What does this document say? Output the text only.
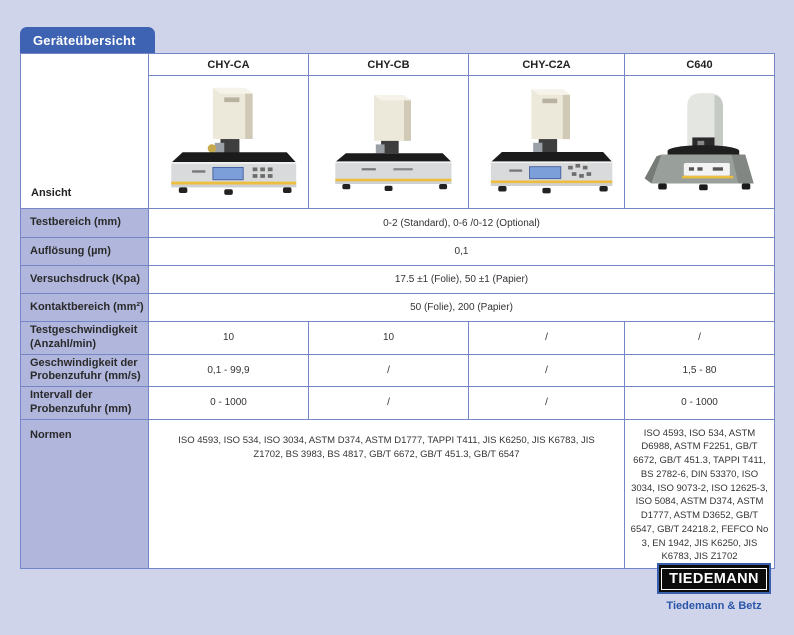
Geräteübersicht
Ansicht	CHY-CA	CHY-CB	CHY-C2A	C640

Testbereich (mm)	0-2 (Standard), 0-6 /0-12 (Optional)			
Auflösung (µm)	0,1			
Versuchsdruck (Kpa)	17.5 ±1 (Folie), 50 ±1 (Papier)			
Kontaktbereich (mm²)	50 (Folie), 200 (Papier)			
Testgeschwindigkeit (Anzahl/min)	10	10	/	/
Geschwindigkeit der Probenzufuhr (mm/s)	0,1 - 99,9	/	/	1,5 - 80
Intervall der Probenzufuhr (mm)	0 - 1000	/	/	0 - 1000
Normen	ISO 4593, ISO 534, ISO 3034, ASTM D374, ASTM D1777, TAPPI T411, JIS K6250, JIS K6783, JIS Z1702, BS 3983, BS 4817, GB/T 6672, GB/T 451.3, GB/T 6547			ISO 4593, ISO 534, ASTM D6988, ASTM F2251, GB/T 6672, GB/T 451.3, TAPPI T411, BS 2782-6, DIN 53370, ISO 3034, ISO 9073-2, ISO 12625-3, ISO 5084, ASTM D374, ASTM D1777, ASTM D3652, GB/T 6547, GB/T 24218.2, FEFCO No 3, EN 1942, JIS K6250, JIS K6783, JIS Z1702
TIEDEMANN
Tiedemann & Betz
